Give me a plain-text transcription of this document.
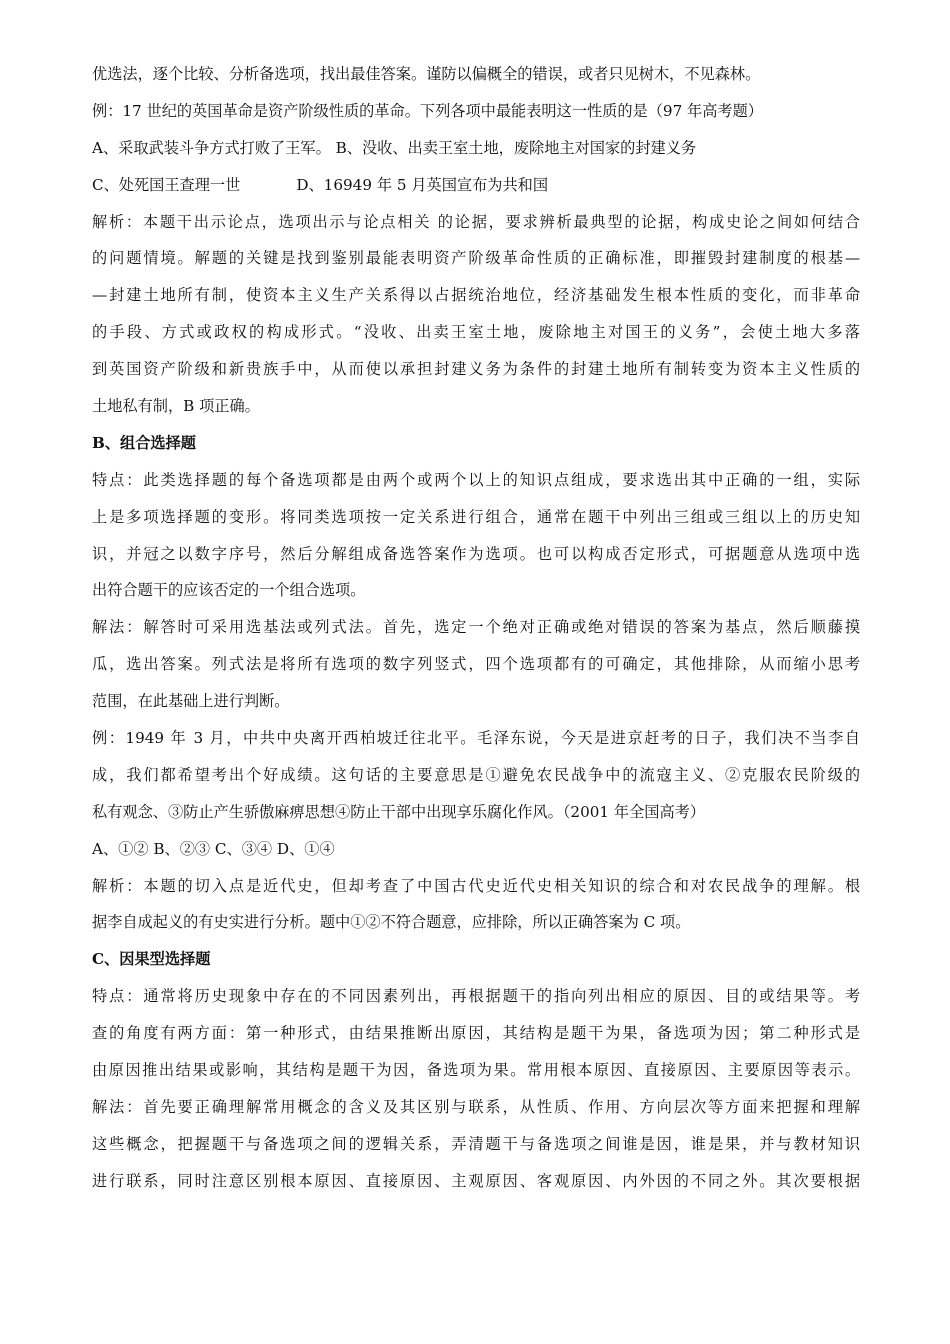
优选法，逐个比较、分析备选项，找出最佳答案。谨防以偏概全的错误，或者只见树木，不见森林。
例：17 世纪的英国革命是资产阶级性质的革命。下列各项中最能表明这一性质的是（97 年高考题）
A、采取武装斗争方式打败了王军。 B、没收、出卖王室土地，废除地主对国家的封建义务
C、处死国王查理一世	D、16949 年 5 月英国宣布为共和国
解析：本题干出示论点，选项出示与论点相关 的论据，要求辨析最典型的论据，构成史论之间如何结合
的问题情境。解题的关键是找到鉴别最能表明资产阶级革命性质的正确标准，即摧毁封建制度的根基—
—封建土地所有制，使资本主义生产关系得以占据统治地位，经济基础发生根本性质的变化，而非革命
的手段、方式或政权的构成形式。“没收、出卖王室土地，废除地主对国王的义务”，会使土地大多落
到英国资产阶级和新贵族手中，从而使以承担封建义务为条件的封建土地所有制转变为资本主义性质的
土地私有制，B 项正确。
B、组合选择题
特点：此类选择题的每个备选项都是由两个或两个以上的知识点组成，要求选出其中正确的一组，实际
上是多项选择题的变形。将同类选项按一定关系进行组合，通常在题干中列出三组或三组以上的历史知
识，并冠之以数字序号，然后分解组成备选答案作为选项。也可以构成否定形式，可据题意从选项中选
出符合题干的应该否定的一个组合选项。
解法：解答时可采用选基法或列式法。首先，选定一个绝对正确或绝对错误的答案为基点，然后顺藤摸
瓜，选出答案。列式法是将所有选项的数字列竖式，四个选项都有的可确定，其他排除，从而缩小思考
范围，在此基础上进行判断。
例：1949 年 3 月，中共中央离开西柏坡迁往北平。毛泽东说，今天是进京赶考的日子，我们决不当李自
成，我们都希望考出个好成绩。这句话的主要意思是①避免农民战争中的流寇主义、②克服农民阶级的
私有观念、③防止产生骄傲麻痹思想④防止干部中出现享乐腐化作风。（2001 年全国高考）
A、①② B、②③ C、③④ D、①④
解析：本题的切入点是近代史，但却考查了中国古代史近代史相关知识的综合和对农民战争的理解。根
据李自成起义的有史实进行分析。题中①②不符合题意，应排除，所以正确答案为 C 项。
C、因果型选择题
特点：通常将历史现象中存在的不同因素列出，再根据题干的指向列出相应的原因、目的或结果等。考
查的角度有两方面：第一种形式，由结果推断出原因，其结构是题干为果，备选项为因；第二种形式是
由原因推出结果或影响，其结构是题干为因，备选项为果。常用根本原因、直接原因、主要原因等表示。
解法：首先要正确理解常用概念的含义及其区别与联系，从性质、作用、方向层次等方面来把握和理解
这些概念，把握题干与备选项之间的逻辑关系，弄清题干与备选项之间谁是因，谁是果，并与教材知识
进行联系，同时注意区别根本原因、直接原因、主观原因、客观原因、内外因的不同之外。其次要根据
